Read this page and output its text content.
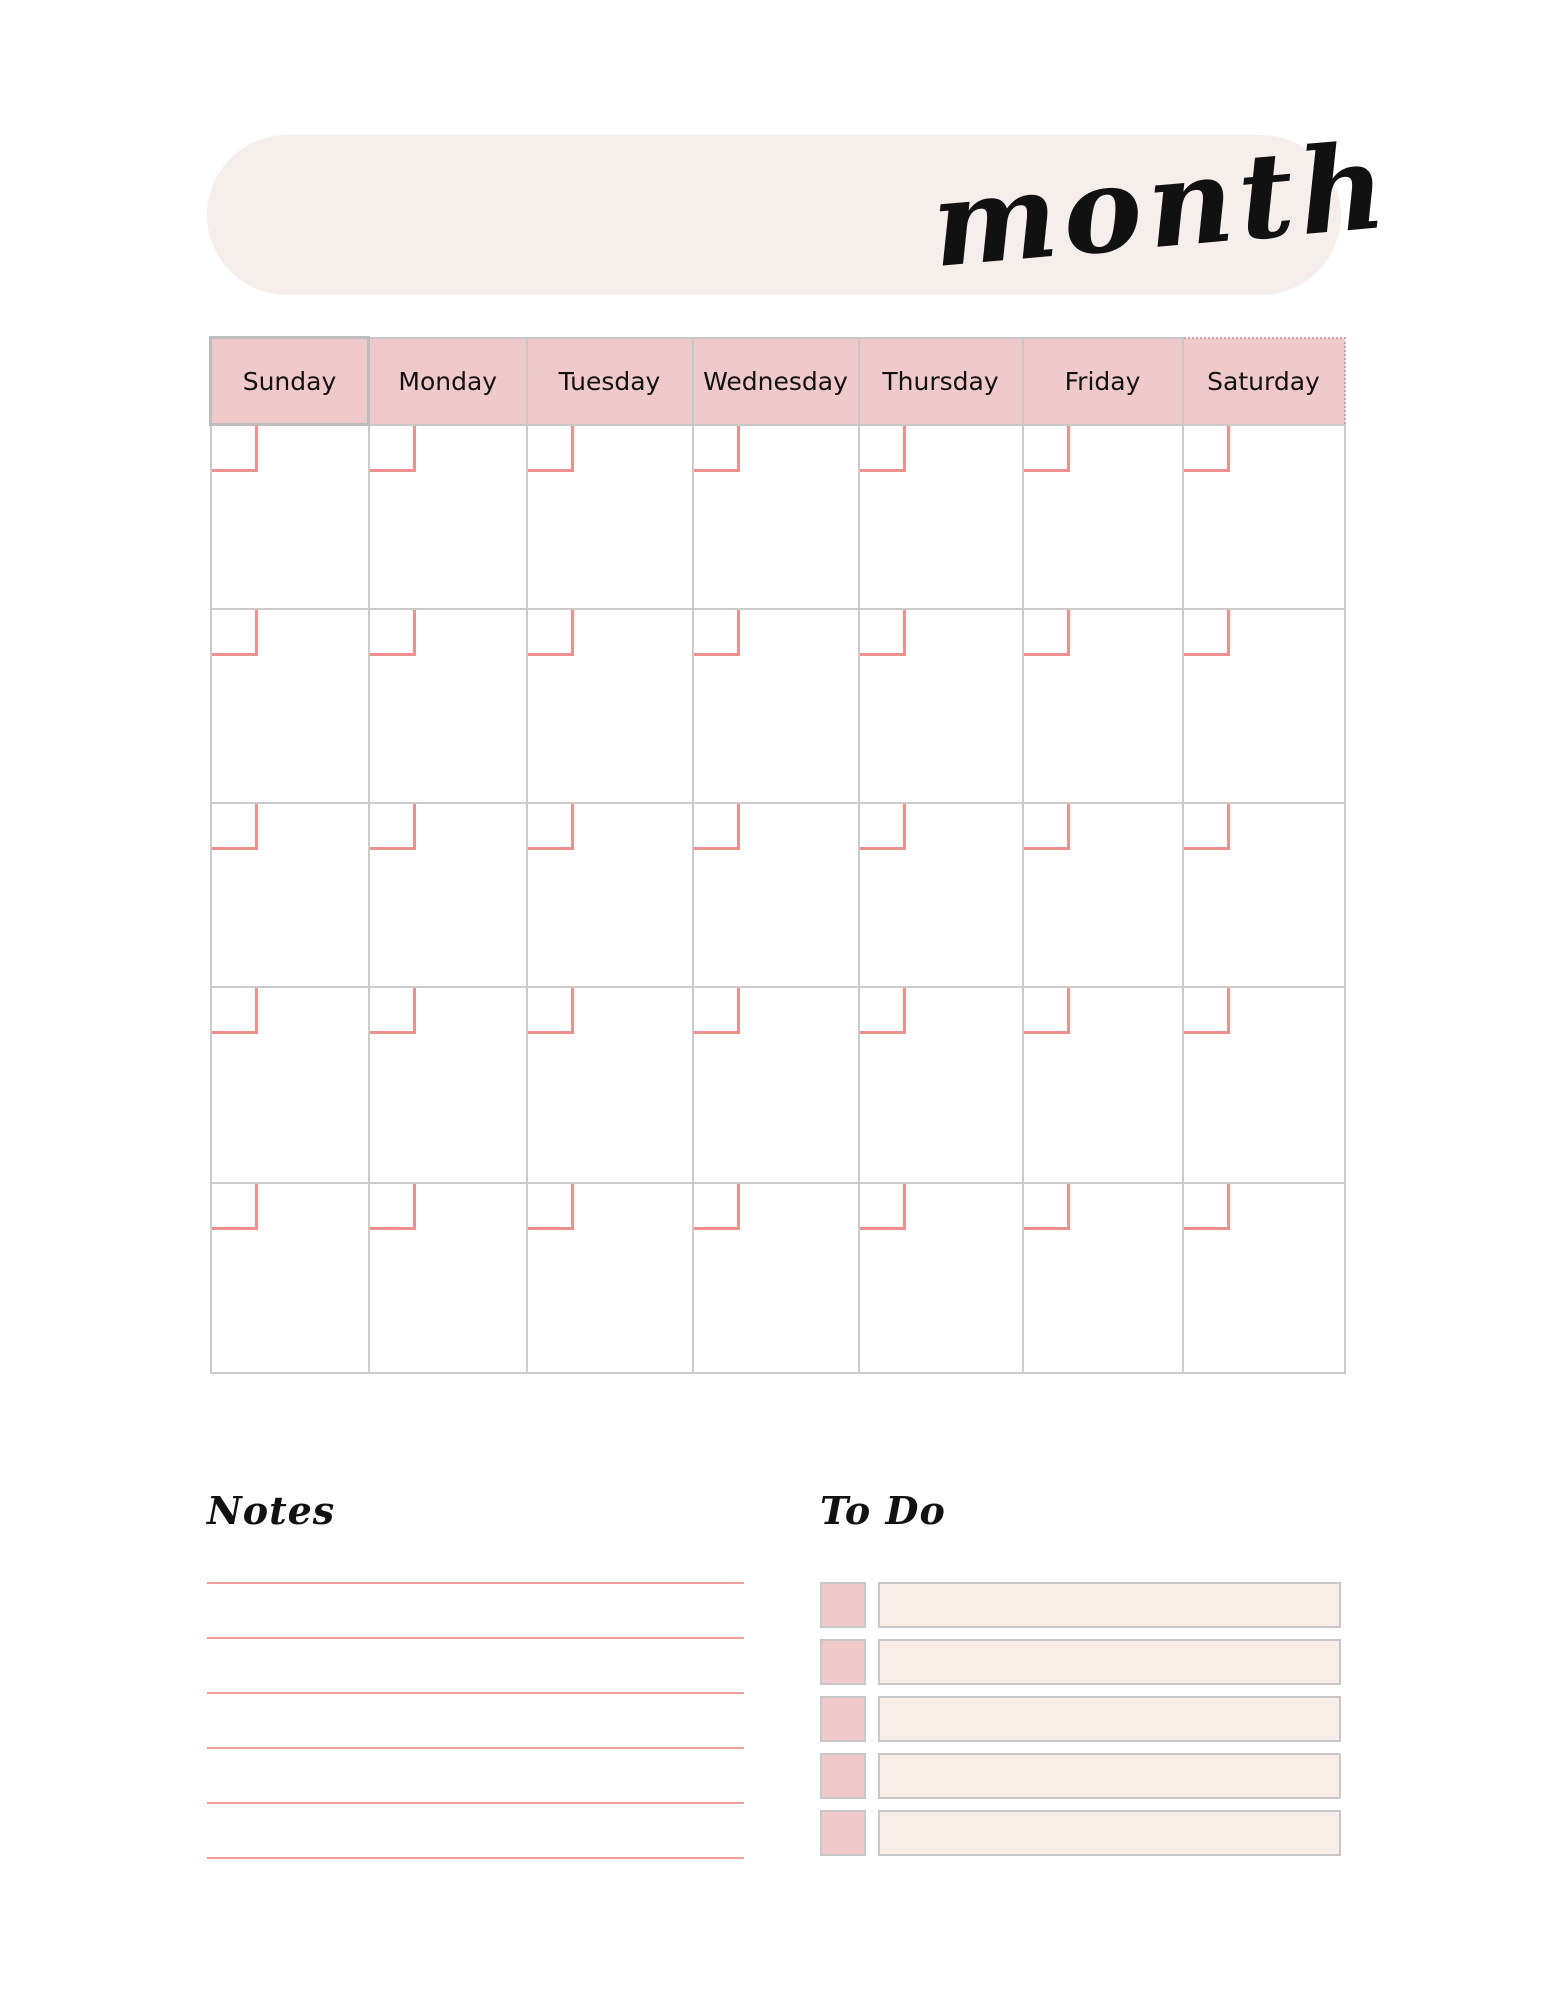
month
Sunday	Monday	Tuesday	Wednesday	Thursday	Friday	Saturday

Notes	To Do
